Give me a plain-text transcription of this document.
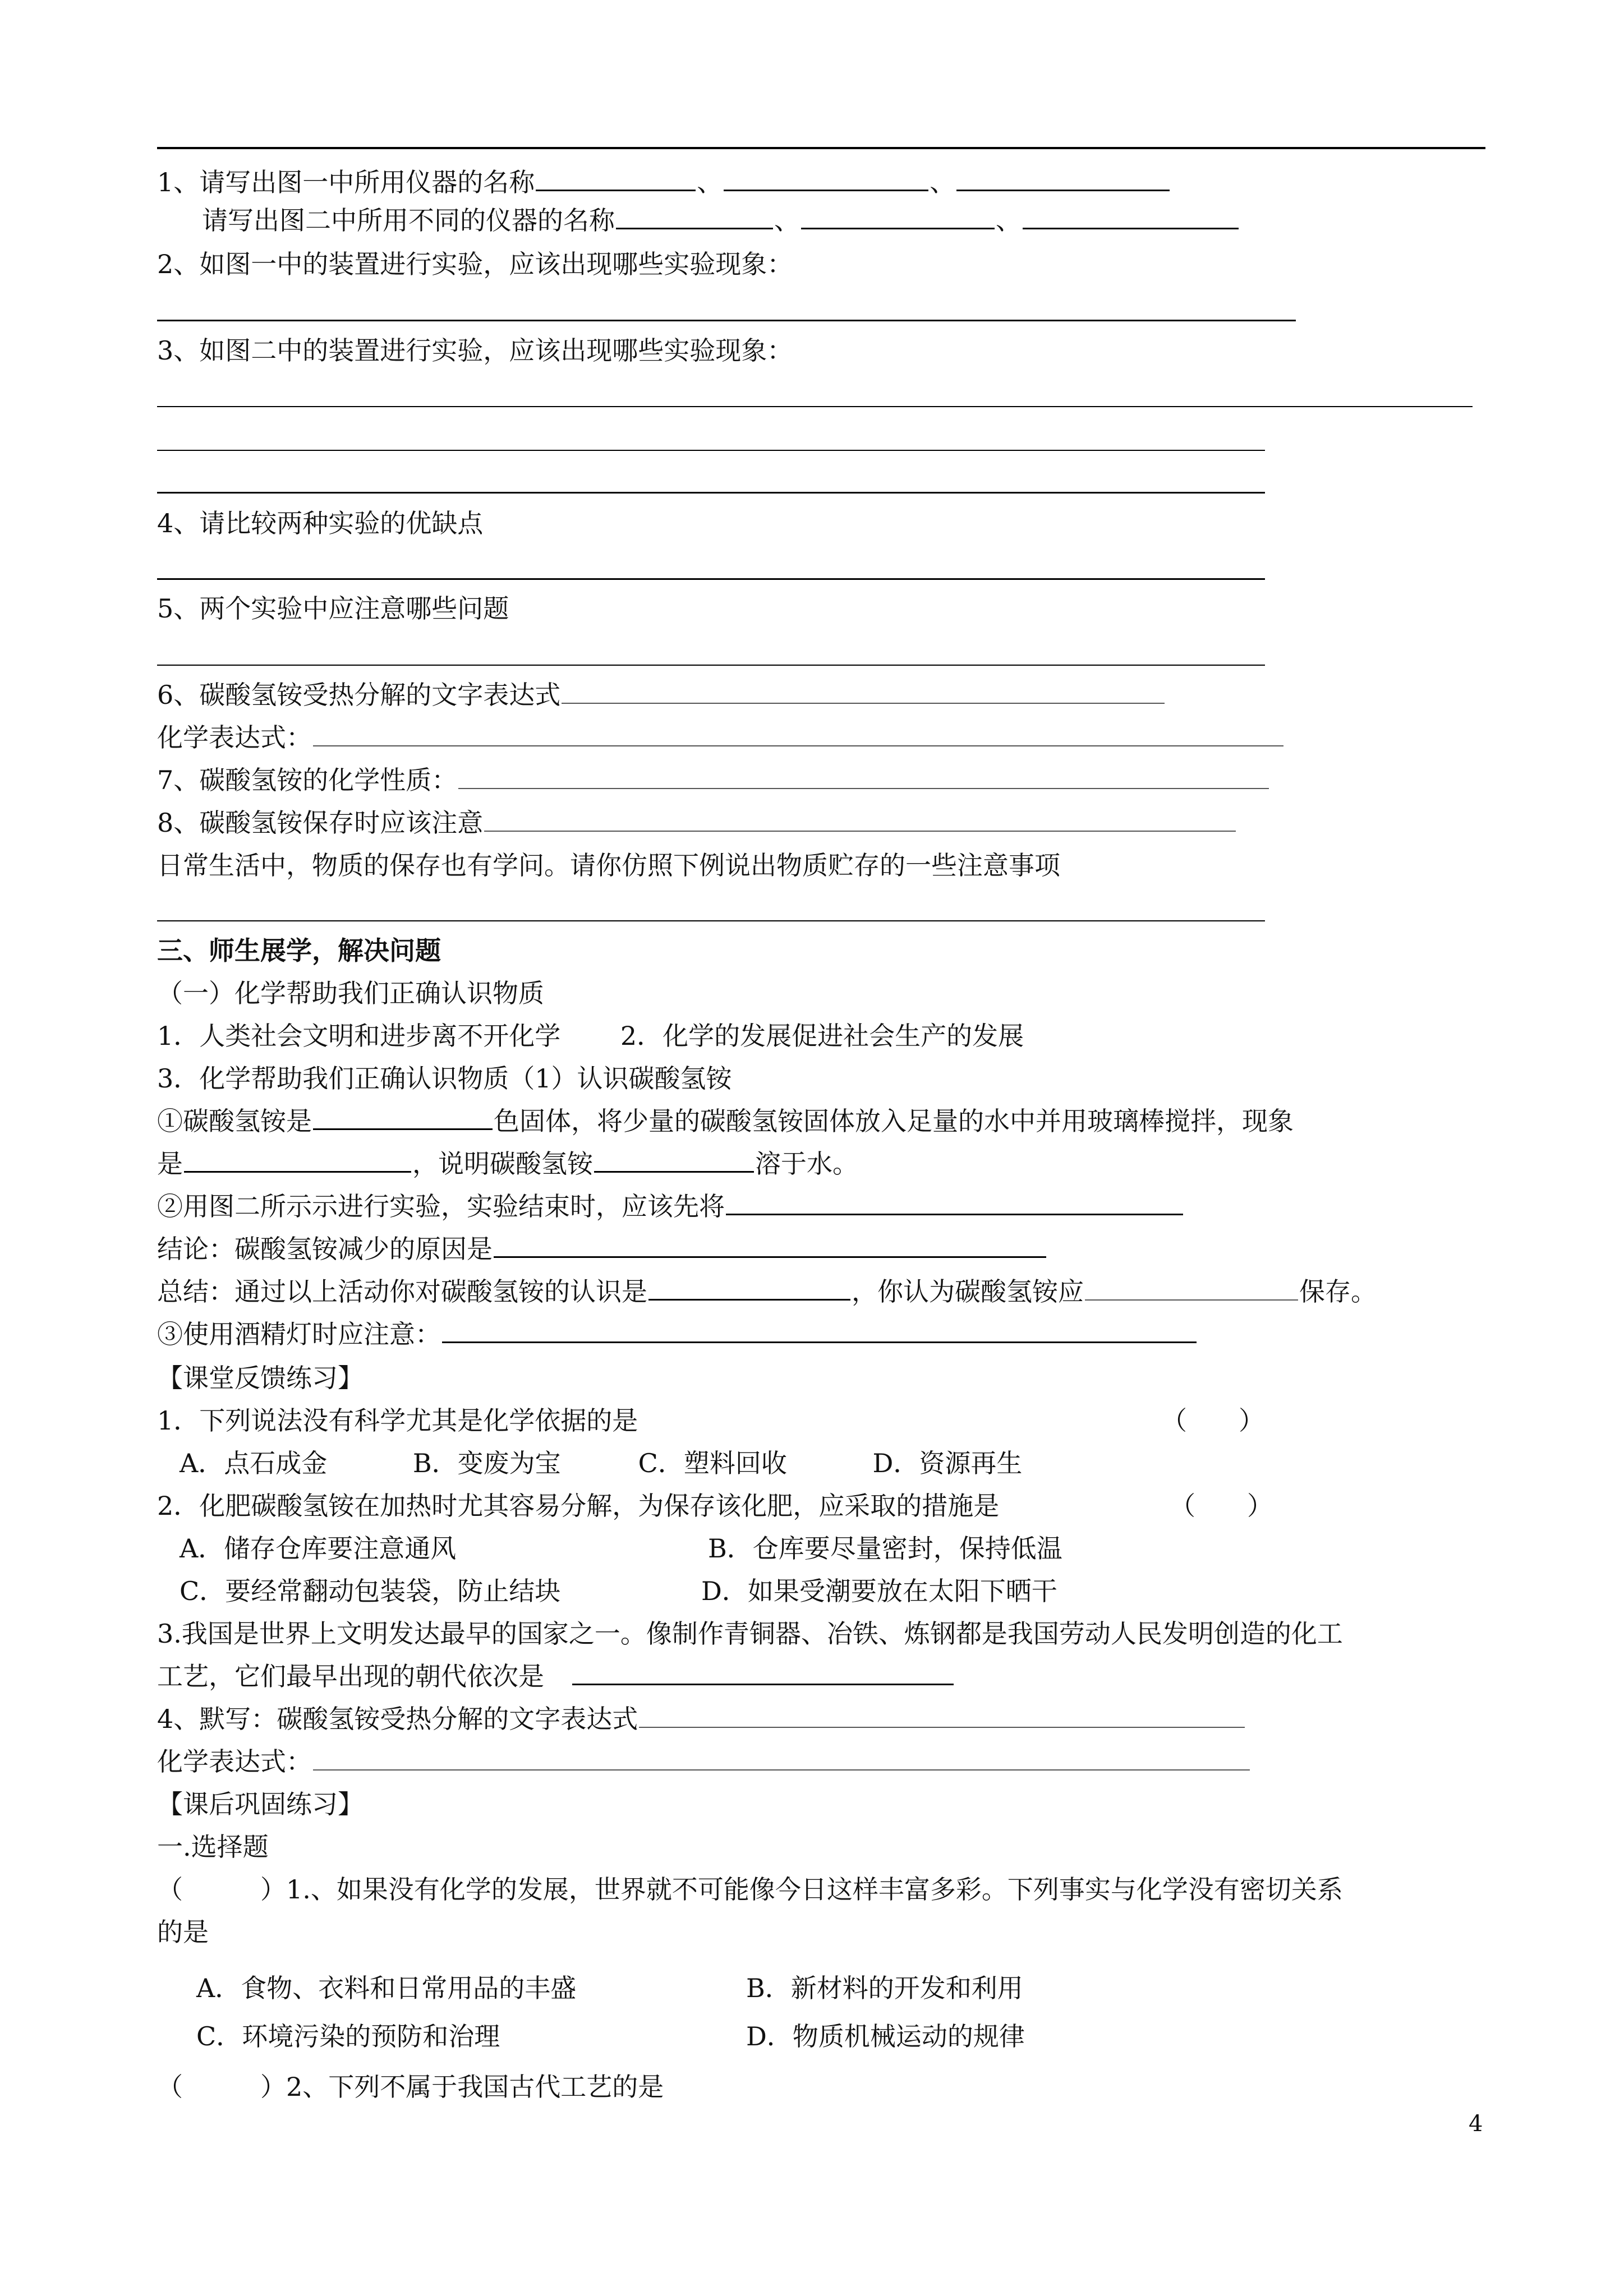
1、请写出图一中所用仪器的名称	、	、
请写出图二中所用不同的仪器的名称	、	、
2、如图一中的装置进行实验，应该出现哪些实验现象：
3、如图二中的装置进行实验，应该出现哪些实验现象：
4、请比较两种实验的优缺点
5、两个实验中应注意哪些问题
6、碳酸氢铵受热分解的文字表达式
化学表达式：
7、碳酸氢铵的化学性质：
8、碳酸氢铵保存时应该注意
日常生活中，物质的保存也有学问。请你仿照下例说出物质贮存的一些注意事项
三、师生展学，解决问题
（一）化学帮助我们正确认识物质
1．人类社会文明和进步离不开化学　　 2．化学的发展促进社会生产的发展
3．化学帮助我们正确认识物质（1）认识碳酸氢铵
①碳酸氢铵是	色固体，将少量的碳酸氢铵固体放入足量的水中并用玻璃棒搅拌，现象
是	，说明碳酸氢铵	溶于水。
②用图二所示示进行实验，实验结束时，应该先将
结论：碳酸氢铵减少的原因是
总结：通过以上活动你对碳酸氢铵的认识是	，你认为碳酸氢铵应	保存。
③使用酒精灯时应注意：
【课堂反馈练习】
1．下列说法没有科学尤其是化学依据的是	（　　）
A．点石成金　　　 B．变废为宝　　　C．塑料回收　　　 D．资源再生
2．化肥碳酸氢铵在加热时尤其容易分解，为保存该化肥，应采取的措施是	（　　）
A．储存仓库要注意通风	B．仓库要尽量密封，保持低温
C．要经常翻动包装袋，防止结块	D．如果受潮要放在太阳下晒干
3.我国是世界上文明发达最早的国家之一。像制作青铜器、冶铁、炼钢都是我国劳动人民发明创造的化工
工艺，它们最早出现的朝代依次是
4、默写：碳酸氢铵受热分解的文字表达式
化学表达式：
【课后巩固练习】
一.选择题
（　　　）1.、如果没有化学的发展，世界就不可能像今日这样丰富多彩。下列事实与化学没有密切关系
的是
A．食物、衣料和日常用品的丰盛	B．新材料的开发和利用
C．环境污染的预防和治理	D．物质机械运动的规律
（　　　）2、下列不属于我国古代工艺的是
4
